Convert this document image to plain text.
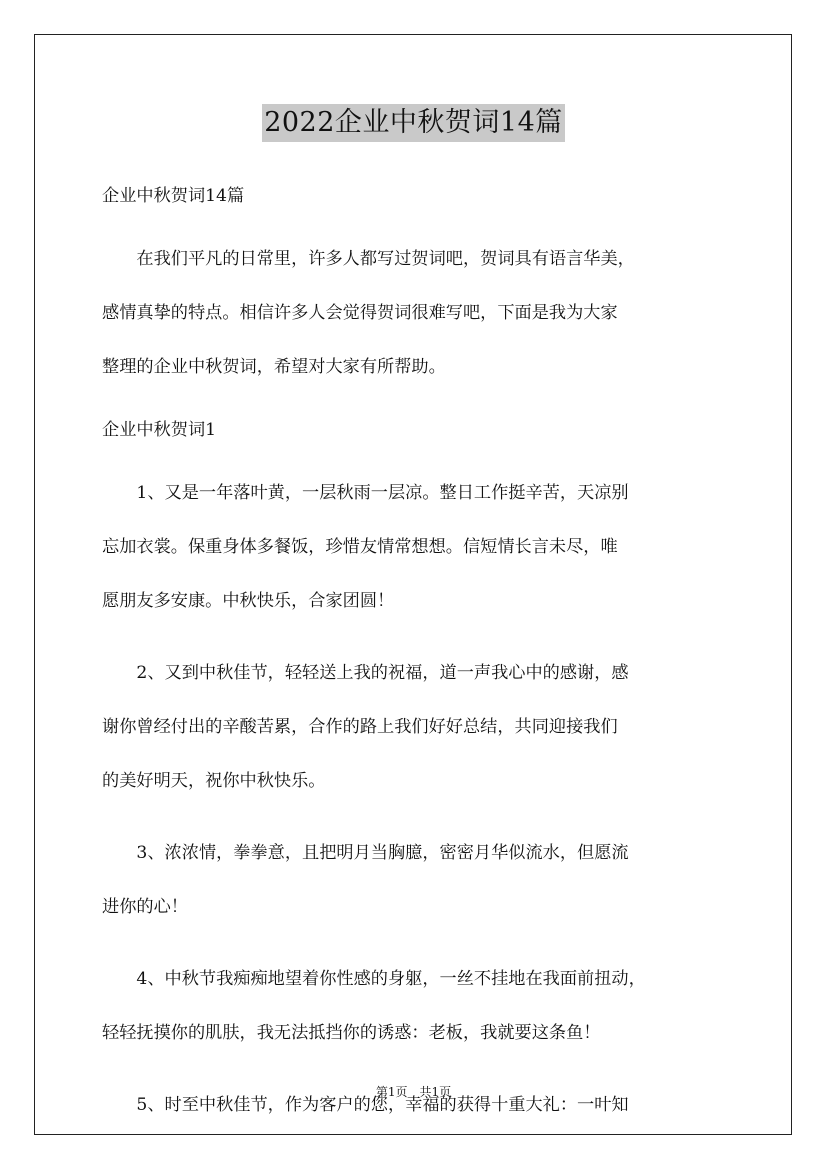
2022企业中秋贺词14篇
企业中秋贺词14篇
在我们平凡的日常里，许多人都写过贺词吧，贺词具有语言华美，
感情真挚的特点。相信许多人会觉得贺词很难写吧，下面是我为大家
整理的企业中秋贺词，希望对大家有所帮助。
企业中秋贺词1
1、又是一年落叶黄，一层秋雨一层凉。整日工作挺辛苦，天凉别
忘加衣裳。保重身体多餐饭，珍惜友情常想想。信短情长言未尽，唯
愿朋友多安康。中秋快乐，合家团圆！
2、又到中秋佳节，轻轻送上我的祝福，道一声我心中的感谢，感
谢你曾经付出的辛酸苦累，合作的路上我们好好总结，共同迎接我们
的美好明天，祝你中秋快乐。
3、浓浓情，拳拳意，且把明月当胸臆，密密月华似流水，但愿流
进你的心！
4、中秋节我痴痴地望着你性感的身躯，一丝不挂地在我面前扭动，
轻轻抚摸你的肌肤，我无法抵挡你的诱惑：老板，我就要这条鱼！
5、时至中秋佳节，作为客户的您，幸福的获得十重大礼：一叶知
第1页　共1页
